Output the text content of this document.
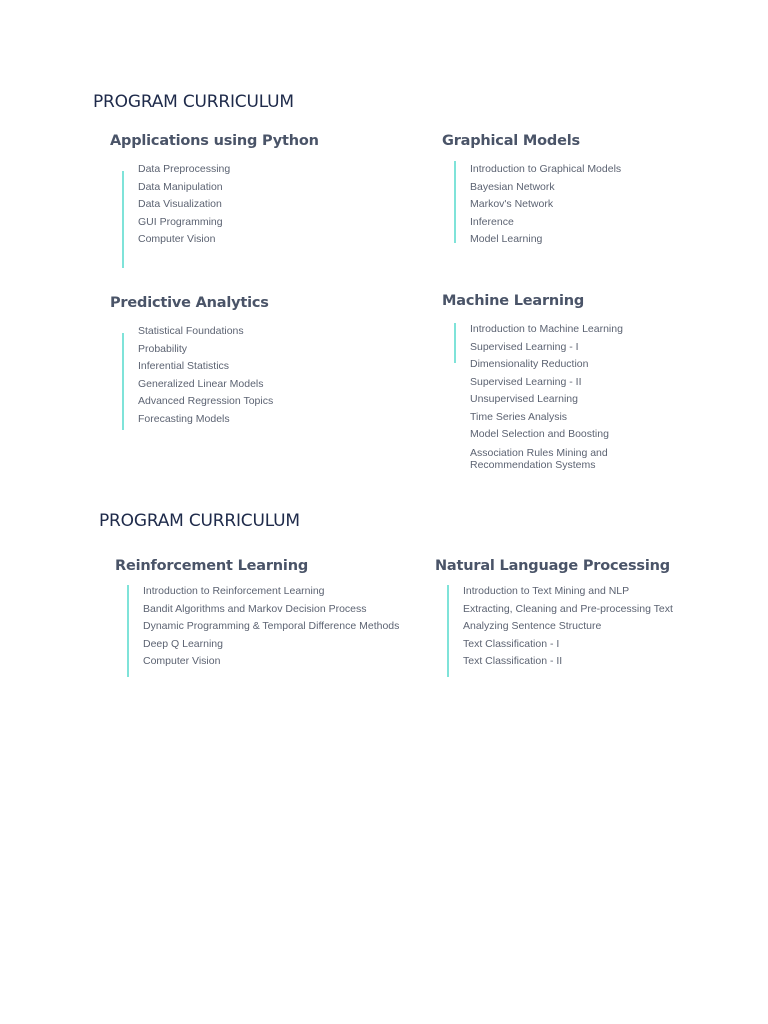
PROGRAM CURRICULUM
Applications using Python
Data Preprocessing
Data Manipulation
Data Visualization
GUI Programming
Computer Vision
Graphical Models
Introduction to Graphical Models
Bayesian Network
Markov's Network
Inference
Model Learning
Predictive Analytics
Statistical Foundations
Probability
Inferential Statistics
Generalized Linear Models
Advanced Regression Topics
Forecasting Models
Machine Learning
Introduction to Machine Learning
Supervised Learning - I
Dimensionality Reduction
Supervised Learning - II
Unsupervised Learning
Time Series Analysis
Model Selection and Boosting
Association Rules Mining and Recommendation Systems
PROGRAM CURRICULUM
Reinforcement Learning
Introduction to Reinforcement Learning
Bandit Algorithms and Markov Decision Process
Dynamic Programming & Temporal Difference Methods
Deep Q Learning
Computer Vision
Natural Language Processing
Introduction to Text Mining and NLP
Extracting, Cleaning and Pre-processing Text
Analyzing Sentence Structure
Text Classification - I
Text Classification - II
